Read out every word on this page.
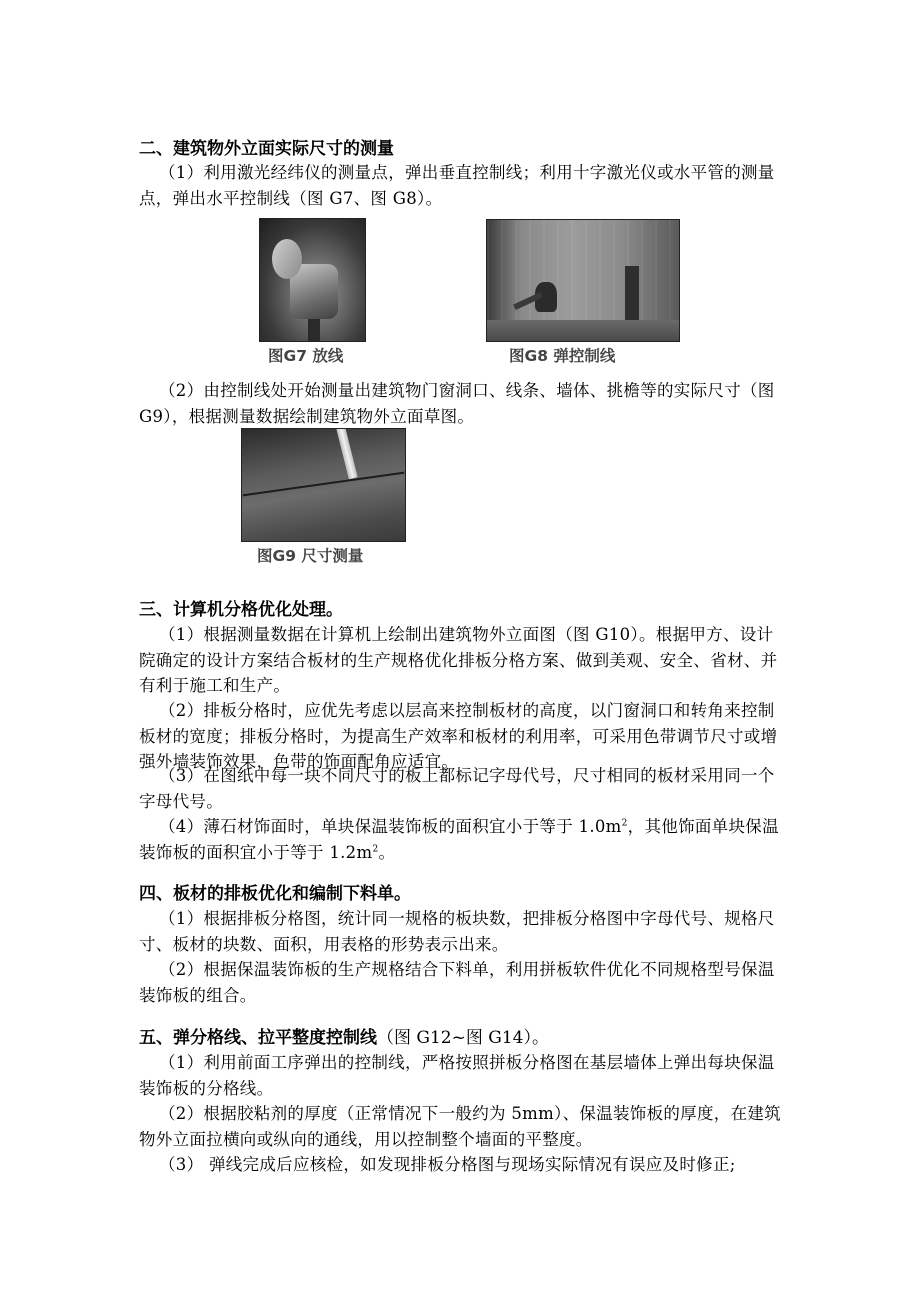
二、建筑物外立面实际尺寸的测量
（1）利用激光经纬仪的测量点，弹出垂直控制线；利用十字激光仪或水平管的测量点，弹出水平控制线（图 G7、图 G8）。
图G7 放线	图G8 弹控制线
（2）由控制线处开始测量出建筑物门窗洞口、线条、墙体、挑檐等的实际尺寸（图 G9），根据测量数据绘制建筑物外立面草图。
图G9 尺寸测量
三、计算机分格优化处理。
（1）根据测量数据在计算机上绘制出建筑物外立面图（图 G10）。根据甲方、设计院确定的设计方案结合板材的生产规格优化排板分格方案、做到美观、安全、省材、并有利于施工和生产。
（2）排板分格时，应优先考虑以层高来控制板材的高度，以门窗洞口和转角来控制板材的宽度；排板分格时，为提高生产效率和板材的利用率，可采用色带调节尺寸或增强外墙装饰效果，色带的饰面配角应适宜。
（3）在图纸中每一块不同尺寸的板上都标记字母代号，尺寸相同的板材采用同一个字母代号。
（4）薄石材饰面时，单块保温装饰板的面积宜小于等于 $1.0m^2$，其他饰面单块保温装饰板的面积宜小于等于 $1.2m^2$。
四、板材的排板优化和编制下料单。
（1）根据排板分格图，统计同一规格的板块数，把排板分格图中字母代号、规格尺寸、板材的块数、面积，用表格的形势表示出来。
（2）根据保温装饰板的生产规格结合下料单，利用拼板软件优化不同规格型号保温装饰板的组合。
五、弹分格线、拉平整度控制线（图 G12~图 G14）。
（1）利用前面工序弹出的控制线，严格按照拼板分格图在基层墙体上弹出每块保温装饰板的分格线。
（2）根据胶粘剂的厚度（正常情况下一般约为 5mm）、保温装饰板的厚度，在建筑物外立面拉横向或纵向的通线，用以控制整个墙面的平整度。
（3） 弹线完成后应核检，如发现排板分格图与现场实际情况有误应及时修正;
